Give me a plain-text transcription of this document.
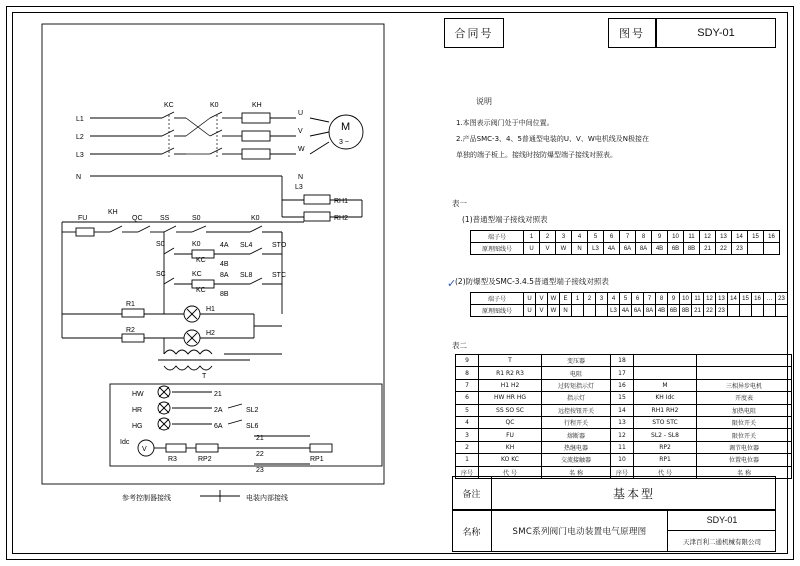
合同号	图号	SDY-01
说明
1.本图表示阀门处于中间位置。
2.产品SMC-3、4、5普通型电装的U、V、W电机线及N极接在
单独的端子板上。接线时按防爆型端子接线对照表。
表一
(1)普通型端子接线对照表
端子号	1	2	3	4	5	6	7	8	9	10	11	12	13	14	15	16
原理图线号	U	V	W	N	L3	4A	6A	8A	4B	6B	8B	21	22	23		
(2)防爆型及SMC-3.4.5普通型端子接线对照表
✓
端子号	U	V	W	E	1	2	3	4	5	6	7	8	9	10	11	12	13	14	15	16	…	23
原理图线号	U	V	W	N				L3	4A	6A	8A	4B	6B	8B	21	22	23					
表二
9	T	变压器	18		
8	R1 R2 R3	电阻	17		
7	H1 H2	过转矩指示灯	16	M	三相异步电机
6	HW HR HG	指示灯	15	KH Idc	开度表
5	SS SO SC	远控按钮开关	14	RH1 RH2	加热电阻
4	QC	行程开关	13	STO STC	限位开关
3	FU	熔断器	12	SL2 - SL8	限位开关
2	KH	热继电器	11	RP2	调节电位器
1	KO KC	交流接触器	10	RP1	位置电位器
序号	代 号	名 称	序号	代 号	名 称
备注	基本型
名称	SMC系列阀门电动装置电气原理图
SDY-01
天津百利二通机械有限公司
L1
L2
L3
N
KC	K0	KH
U
V
W
N
M
3 ~
L3
RH1
RH2
FU
KH
QC	SS	S0	K0
S0	K0
KC
4A SL4	STO
4B
SC	KC	8A SL8	STC
8B
KC
R1
R2
H1
H2
T
HW
HR
HG
21
2A
6A
SL2
SL6
Idc
V
R3	RP2	RP1
21
22
23
参考控制器接线	电装内部接线
